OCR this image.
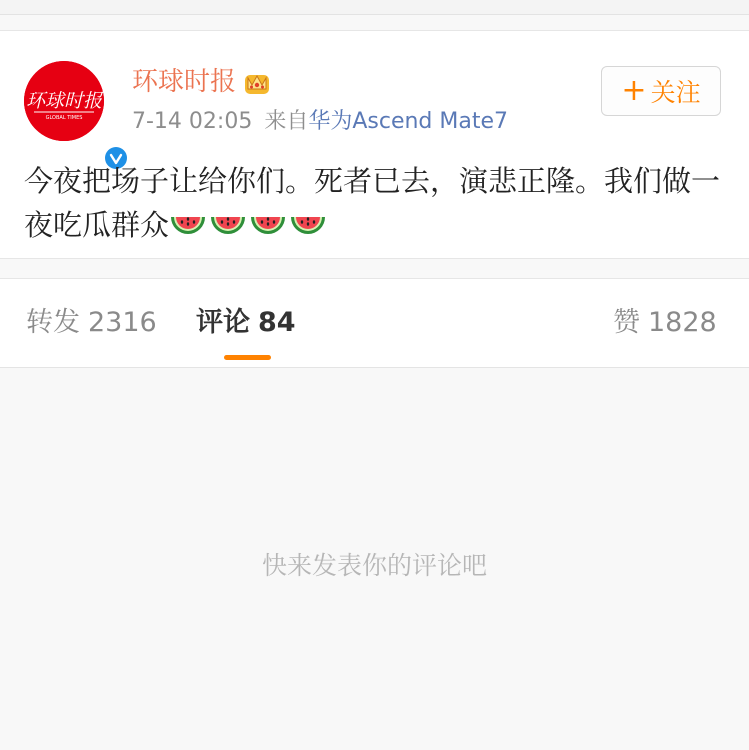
环球时报
GLOBAL TIMES
环球时报
7-14 02:05 来自华为Ascend Mate7
+ 关注
今夜把场子让给你们。死者已去，演悲正隆。我们做一夜吃瓜群众
转发 2316 评论 84	赞 1828
快来发表你的评论吧
